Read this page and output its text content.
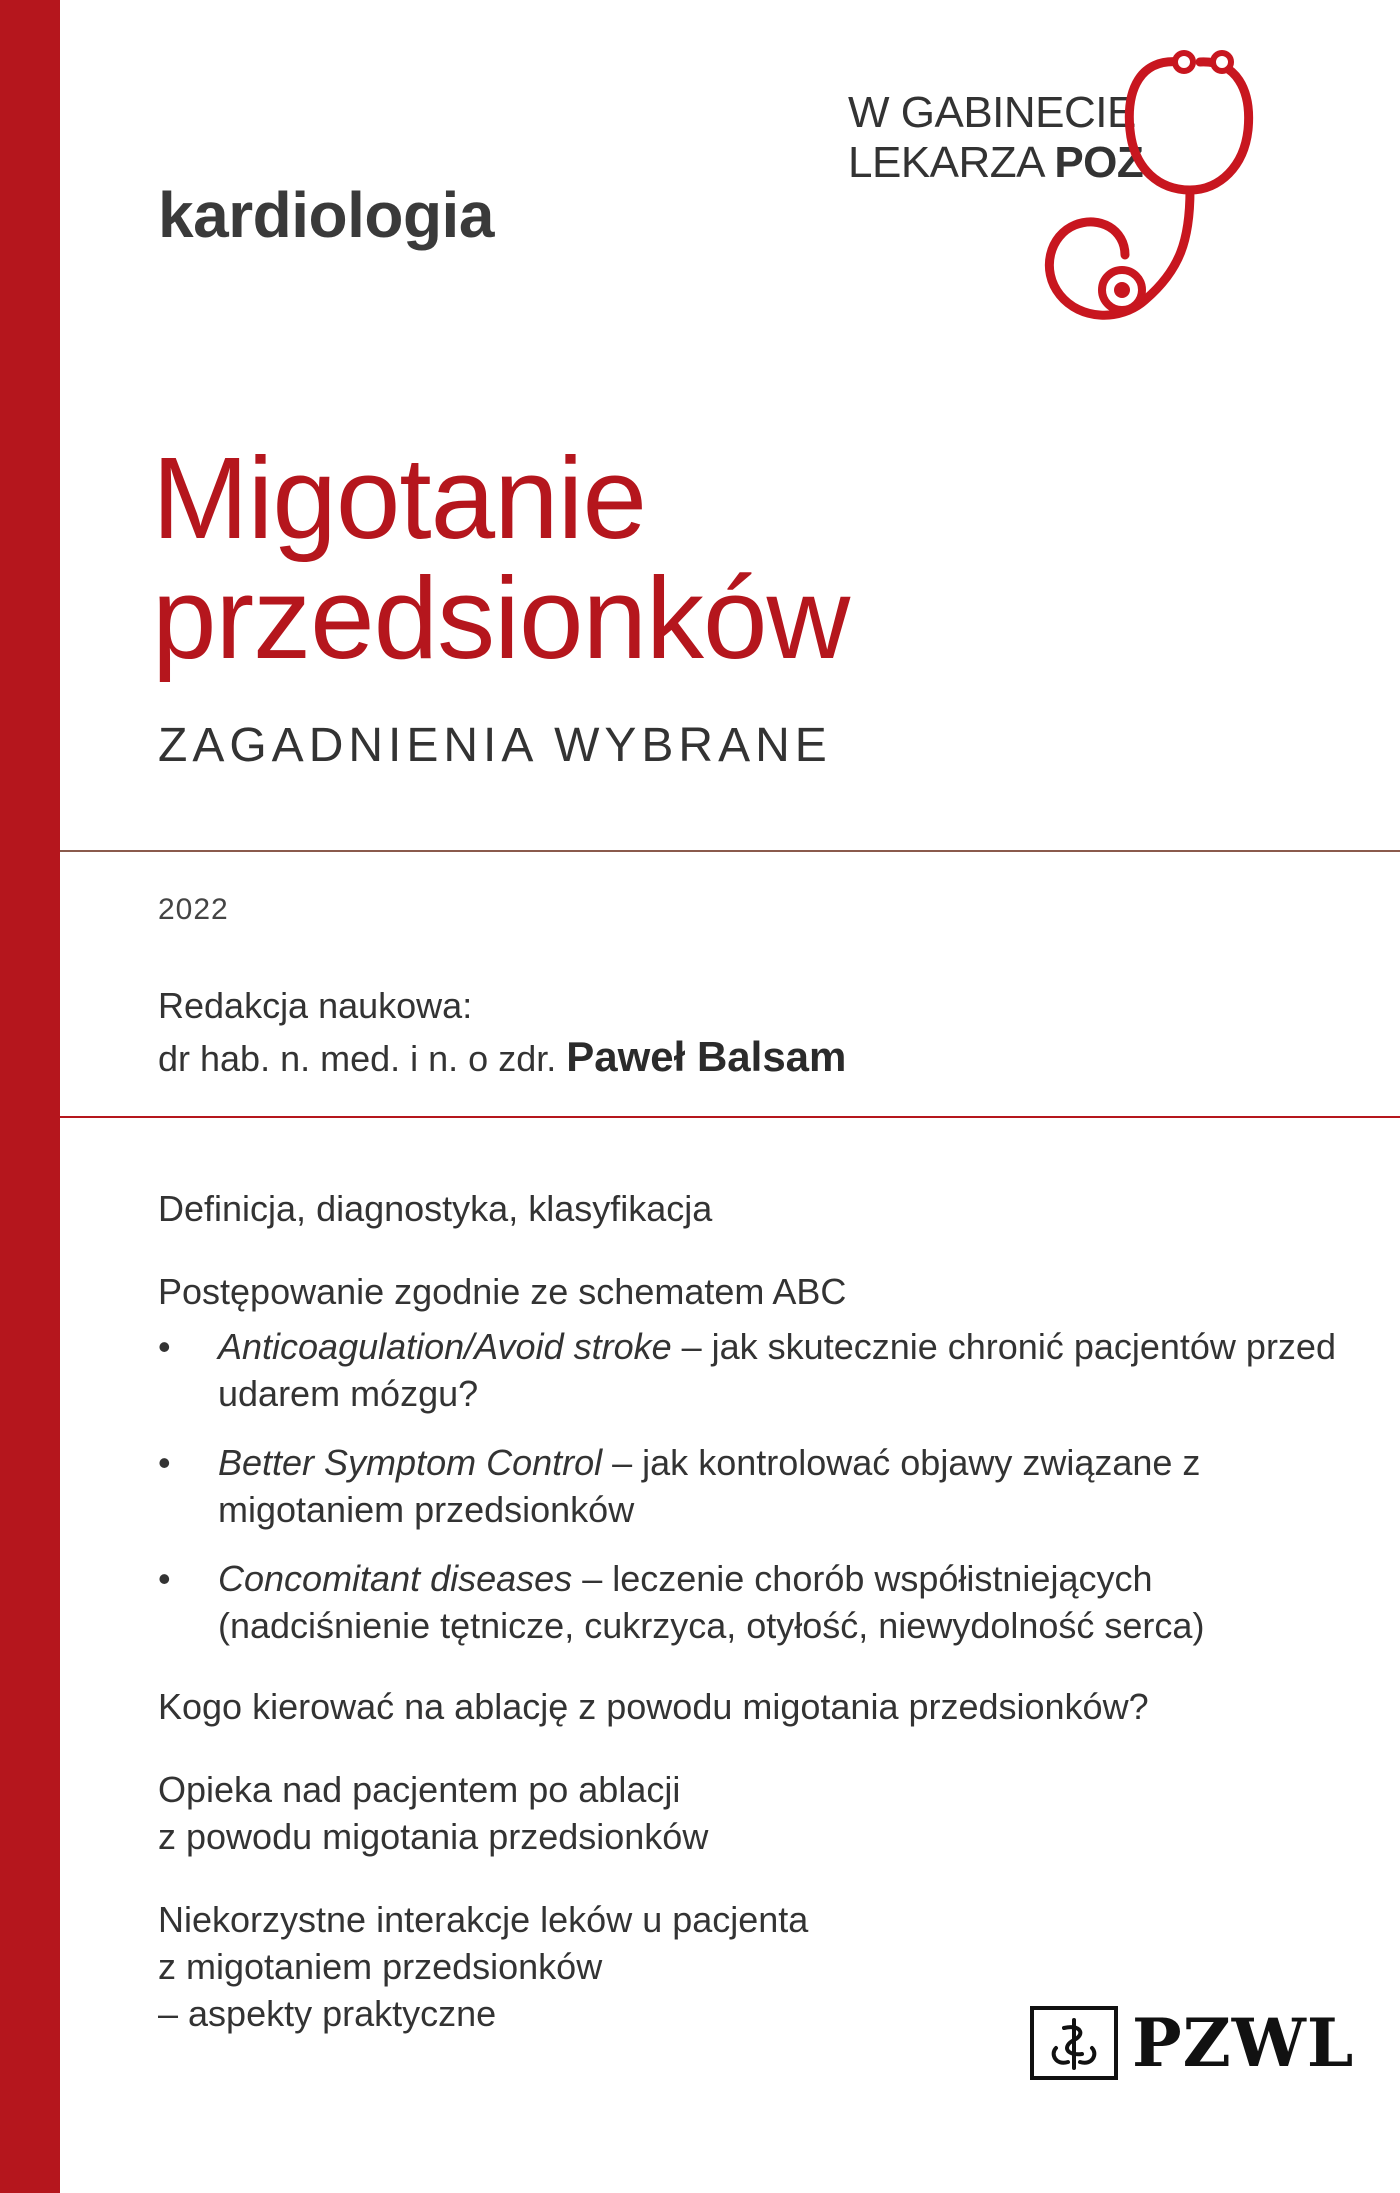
W GABINECIE
LEKARZA POZ
kardiologia
Migotanie
przedsionków
ZAGADNIENIA WYBRANE
2022
Redakcja naukowa:
dr hab. n. med. i n. o zdr. Paweł Balsam

Definicja, diagnostyka, klasyfikacja

Postępowanie zgodnie ze schematem ABC

• Anticoagulation/Avoid stroke – jak skutecznie chronić pacjentów przed udarem mózgu?
• Better Symptom Control – jak kontrolować objawy związane z migotaniem przedsionków
• Concomitant diseases – leczenie chorób współistniejących (nadciśnienie tętnicze, cukrzyca, otyłość, niewydolność serca)

Kogo kierować na ablację z powodu migotania przedsionków?

Opieka nad pacjentem po ablacji
z powodu migotania przedsionków

Niekorzystne interakcje leków u pacjenta
z migotaniem przedsionków
– aspekty praktyczne	PZWL
